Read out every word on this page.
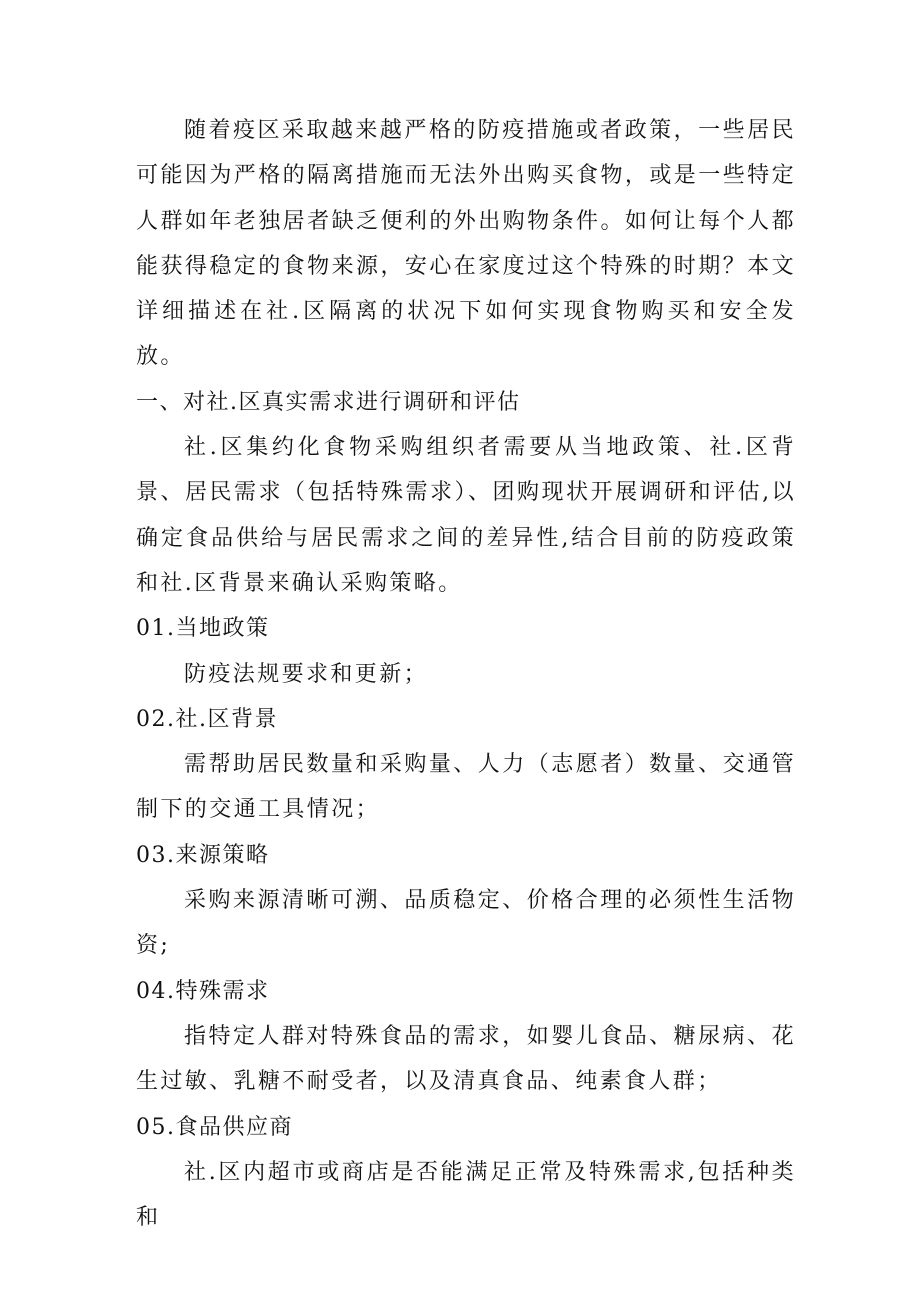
随着疫区采取越来越严格的防疫措施或者政策，一些居民可能因为严格的隔离措施而无法外出购买食物，或是一些特定人群如年老独居者缺乏便利的外出购物条件。如何让每个人都能获得稳定的食物来源，安心在家度过这个特殊的时期？本文详细描述在社.区隔离的状况下如何实现食物购买和安全发放。

一、对社.区真实需求进行调研和评估

社.区集约化食物采购组织者需要从当地政策、社.区背景、居民需求（包括特殊需求）、团购现状开展调研和评估,以确定食品供给与居民需求之间的差异性,结合目前的防疫政策和社.区背景来确认采购策略。

01.当地政策

防疫法规要求和更新；

02.社.区背景

需帮助居民数量和采购量、人力（志愿者）数量、交通管制下的交通工具情况；

03.来源策略

采购来源清晰可溯、品质稳定、价格合理的必须性生活物资;

04.特殊需求

指特定人群对特殊食品的需求，如婴儿食品、糖尿病、花生过敏、乳糖不耐受者，以及清真食品、纯素食人群；

05.食品供应商

社.区内超市或商店是否能满足正常及特殊需求,包括种类和
